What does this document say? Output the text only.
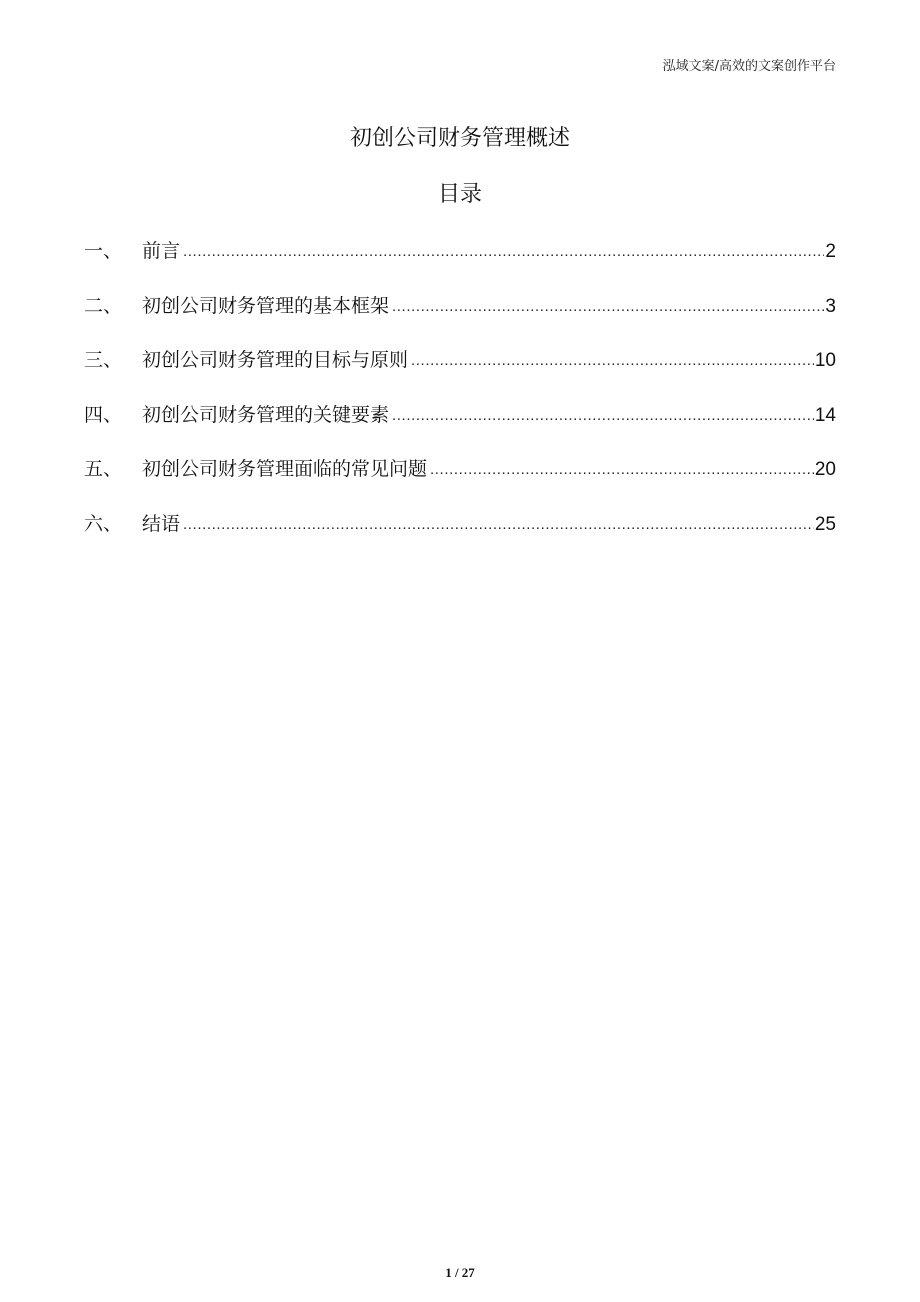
泓域文案/高效的文案创作平台
初创公司财务管理概述
目录
一、	前言 .....	2
二、	初创公司财务管理的基本框架 .....	3
三、	初创公司财务管理的目标与原则 .....	10
四、	初创公司财务管理的关键要素 .....	14
五、	初创公司财务管理面临的常见问题 .....	20
六、	结语 .....	25
1 / 27
